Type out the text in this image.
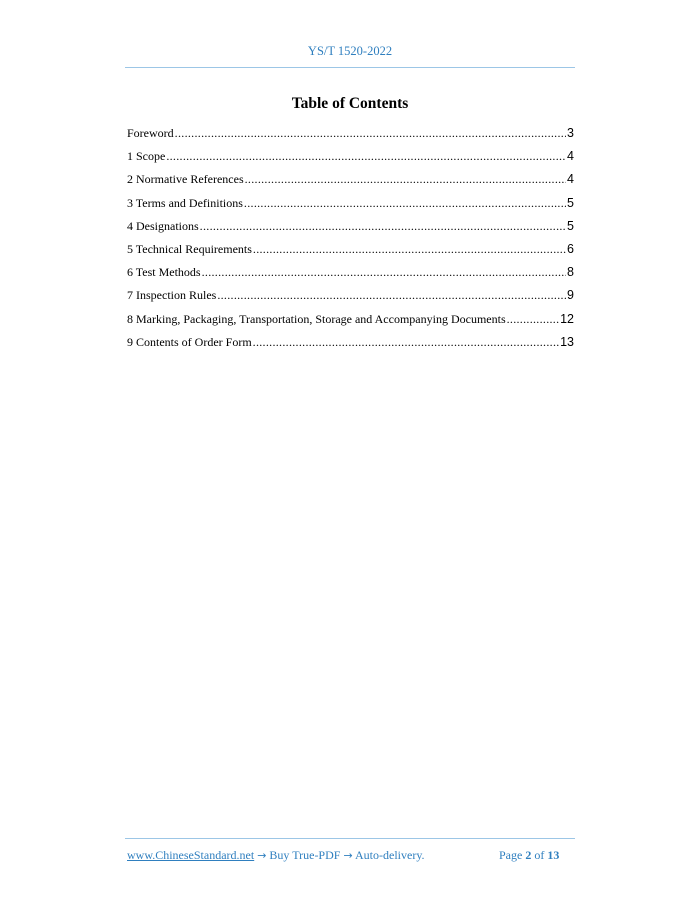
YS/T 1520-2022
Table of Contents
Foreword .....	3
1 Scope .....	4
2 Normative References .....	4
3 Terms and Definitions .....	5
4 Designations .....	5
5 Technical Requirements .....	6
6 Test Methods .....	8
7 Inspection Rules .....	9
8 Marking, Packaging, Transportation, Storage and Accompanying Documents .....	12
9 Contents of Order Form .....	13
www.ChineseStandard.net → Buy True-PDF → Auto-delivery.	Page 2 of 13
